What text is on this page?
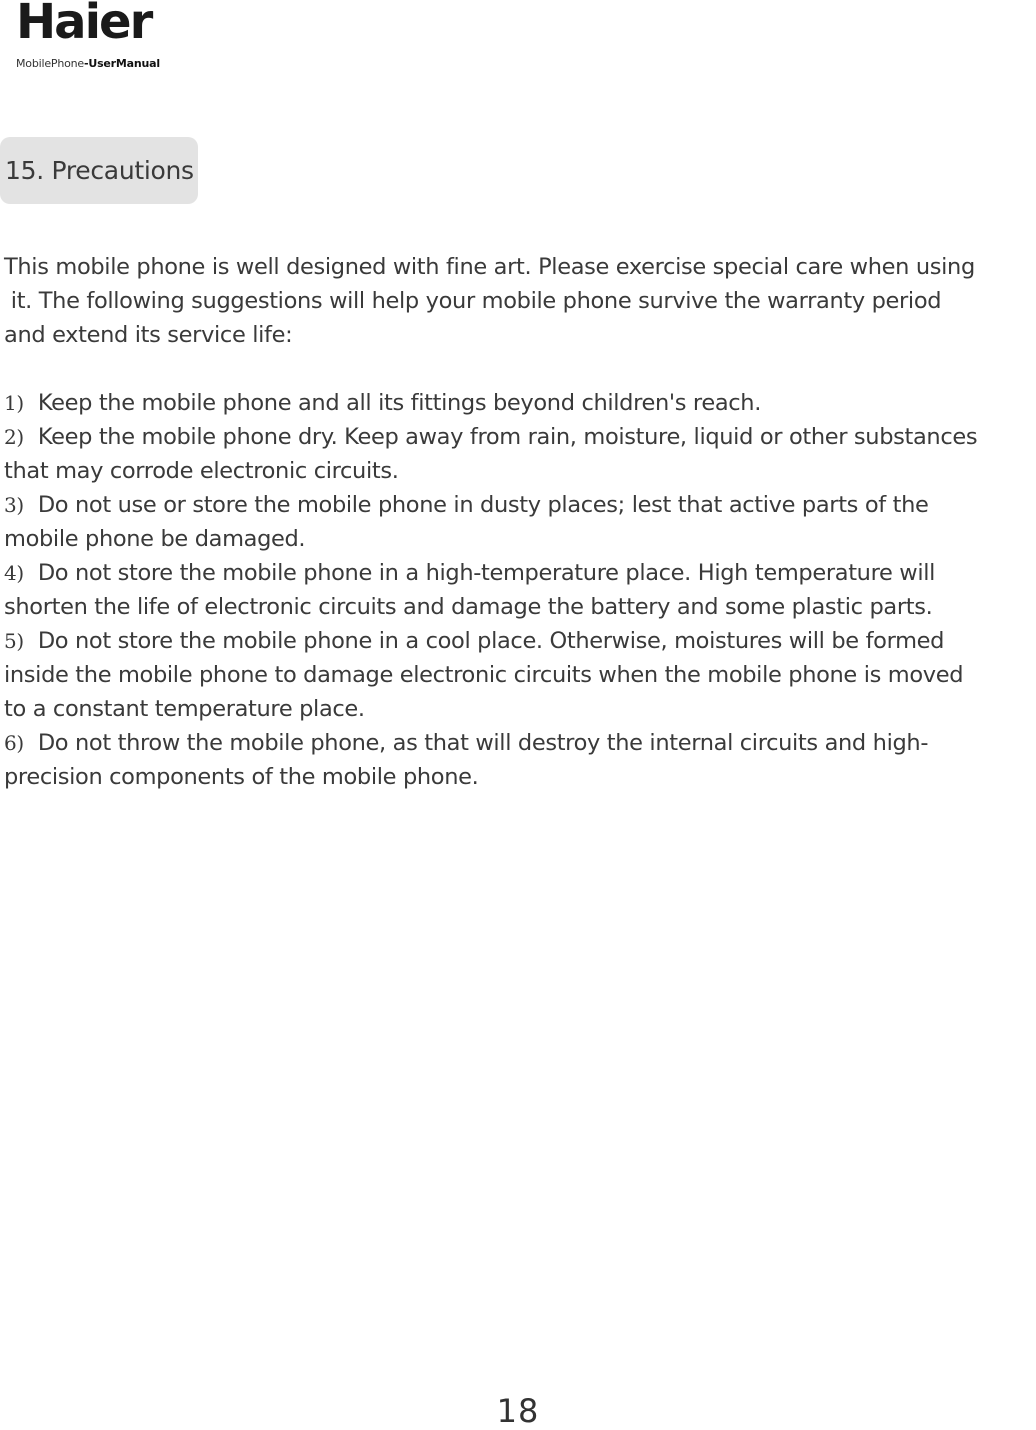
Haier
MobilePhone-UserManual
15. Precautions

This mobile phone is well designed with fine art. Please exercise special care when using

it. The following suggestions will help your mobile phone survive the warranty period

and extend its service life:

1) Keep the mobile phone and all its fittings beyond children's reach.

2) Keep the mobile phone dry. Keep away from rain, moisture, liquid or other substances

that may corrode electronic circuits.

3) Do not use or store the mobile phone in dusty places; lest that active parts of the

mobile phone be damaged.

4) Do not store the mobile phone in a high-temperature place. High temperature will

shorten the life of electronic circuits and damage the battery and some plastic parts.

5) Do not store the mobile phone in a cool place. Otherwise, moistures will be formed

inside the mobile phone to damage electronic circuits when the mobile phone is moved

to a constant temperature place.

6) Do not throw the mobile phone, as that will destroy the internal circuits and high-

precision components of the mobile phone.

18
